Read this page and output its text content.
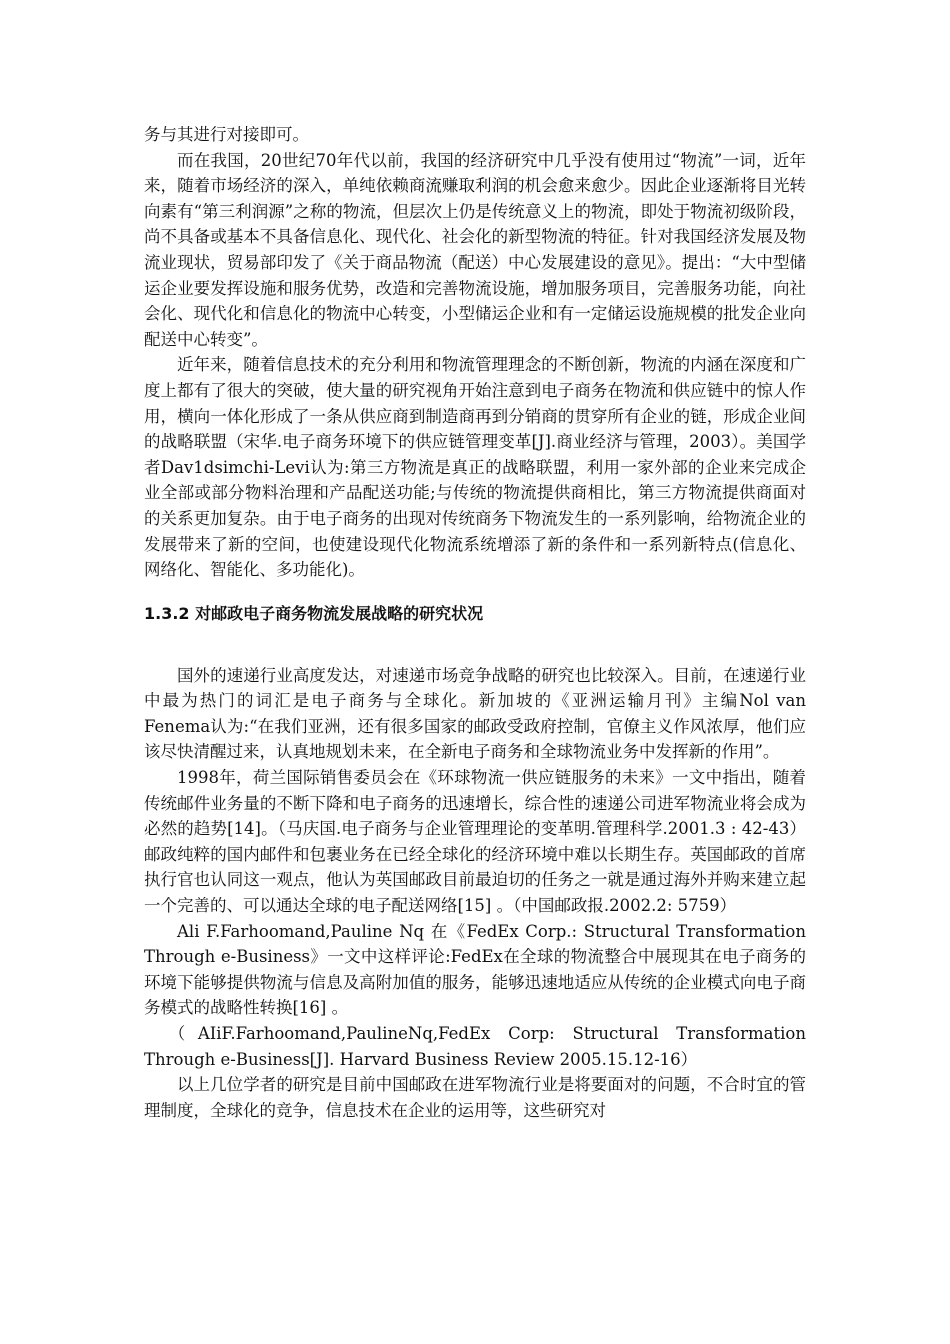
务与其进行对接即可。

而在我国，20世纪70年代以前，我国的经济研究中几乎没有使用过“物流”一词，近年来，随着市场经济的深入，单纯依赖商流赚取利润的机会愈来愈少。因此企业逐渐将目光转向素有“第三利润源”之称的物流，但层次上仍是传统意义上的物流，即处于物流初级阶段，尚不具备或基本不具备信息化、现代化、社会化的新型物流的特征。针对我国经济发展及物流业现状，贸易部印发了《关于商品物流（配送）中心发展建设的意见》。提出：“大中型储运企业要发挥设施和服务优势，改造和完善物流设施，增加服务项目，完善服务功能，向社会化、现代化和信息化的物流中心转变，小型储运企业和有一定储运设施规模的批发企业向配送中心转变”。

近年来，随着信息技术的充分利用和物流管理理念的不断创新，物流的内涵在深度和广度上都有了很大的突破，使大量的研究视角开始注意到电子商务在物流和供应链中的惊人作用，横向一体化形成了一条从供应商到制造商再到分销商的贯穿所有企业的链，形成企业间的战略联盟（宋华.电子商务环境下的供应链管理变革[J].商业经济与管理，2003）。美国学者Dav1dsimchi-Levi认为:第三方物流是真正的战略联盟，利用一家外部的企业来完成企业全部或部分物料治理和产品配送功能;与传统的物流提供商相比，第三方物流提供商面对的关系更加复杂。由于电子商务的出现对传统商务下物流发生的一系列影响，给物流企业的发展带来了新的空间，也使建设现代化物流系统增添了新的条件和一系列新特点(信息化、网络化、智能化、多功能化)。

1.3.2 对邮政电子商务物流发展战略的研究状况

国外的速递行业高度发达，对速递市场竞争战略的研究也比较深入。目前，在速递行业中最为热门的词汇是电子商务与全球化。新加坡的《亚洲运输月刊》主编Nol van Fenema认为:“在我们亚洲，还有很多国家的邮政受政府控制，官僚主义作风浓厚，他们应该尽快清醒过来，认真地规划未来，在全新电子商务和全球物流业务中发挥新的作用”。

1998年，荷兰国际销售委员会在《环球物流一供应链服务的未来》一文中指出，随着传统邮件业务量的不断下降和电子商务的迅速增长，综合性的速递公司进军物流业将会成为必然的趋势[14]。（马庆国.电子商务与企业管理理论的变革明.管理科学.2001.3 : 42-43）邮政纯粹的国内邮件和包裹业务在已经全球化的经济环境中难以长期生存。英国邮政的首席执行官也认同这一观点，他认为英国邮政目前最迫切的任务之一就是通过海外并购来建立起一个完善的、可以通达全球的电子配送网络[15] 。（中国邮政报.2002.2: 5759）

Ali F.Farhoomand,Pauline Nq 在《FedEx Corp.: Structural Transformation Through e-Business》一文中这样评论:FedEx在全球的物流整合中展现其在电子商务的环境下能够提供物流与信息及高附加值的服务，能够迅速地适应从传统的企业模式向电子商务模式的战略性转换[16] 。

（AIiF.Farhoomand,PaulineNq,FedEx Corp: Structural Transformation Through e-Business[J]. Harvard Business Review 2005.15.12-16）

以上几位学者的研究是目前中国邮政在进军物流行业是将要面对的问题，不合时宜的管理制度，全球化的竞争，信息技术在企业的运用等，这些研究对
